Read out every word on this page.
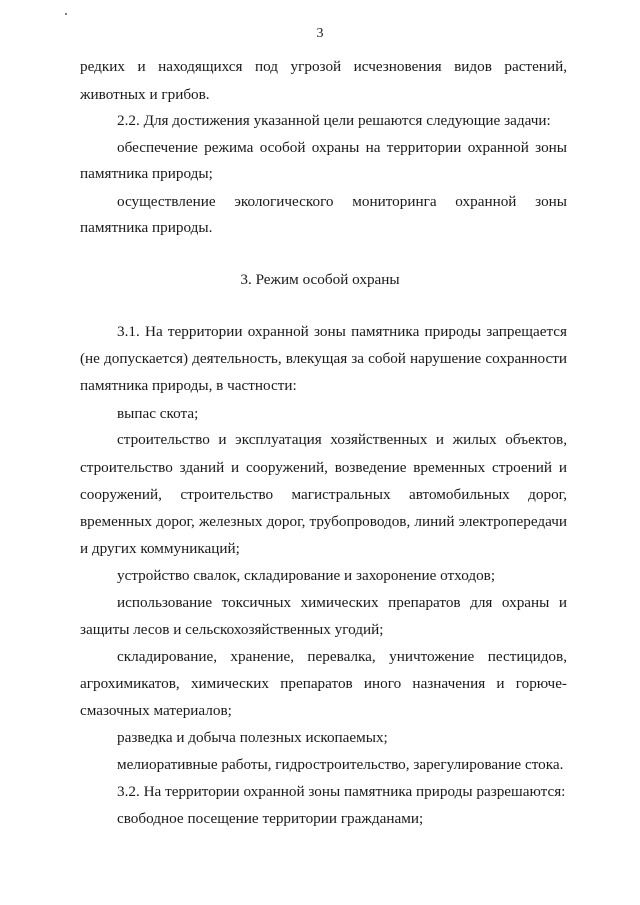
3
редких и находящихся под угрозой исчезновения видов растений,
животных и грибов.
2.2. Для достижения указанной цели решаются следующие задачи:
обеспечение режима особой охраны на территории охранной зоны
памятника природы;
осуществление экологического мониторинга охранной зоны
памятника природы.
3. Режим особой охраны
3.1. На территории охранной зоны памятника природы запрещается
(не допускается) деятельность, влекущая за собой нарушение сохранности
памятника природы, в частности:
выпас скота;
строительство и эксплуатация хозяйственных и жилых объектов,
строительство зданий и сооружений, возведение временных строений и
сооружений, строительство магистральных автомобильных дорог,
временных дорог, железных дорог, трубопроводов, линий электропередачи
и других коммуникаций;
устройство свалок, складирование и захоронение отходов;
использование токсичных химических препаратов для охраны и
защиты лесов и сельскохозяйственных угодий;
складирование, хранение, перевалка, уничтожение пестицидов,
агрохимикатов, химических препаратов иного назначения и горюче-
смазочных материалов;
разведка и добыча полезных ископаемых;
мелиоративные работы, гидростроительство, зарегулирование стока.
3.2. На территории охранной зоны памятника природы разрешаются:
свободное посещение территории гражданами;
